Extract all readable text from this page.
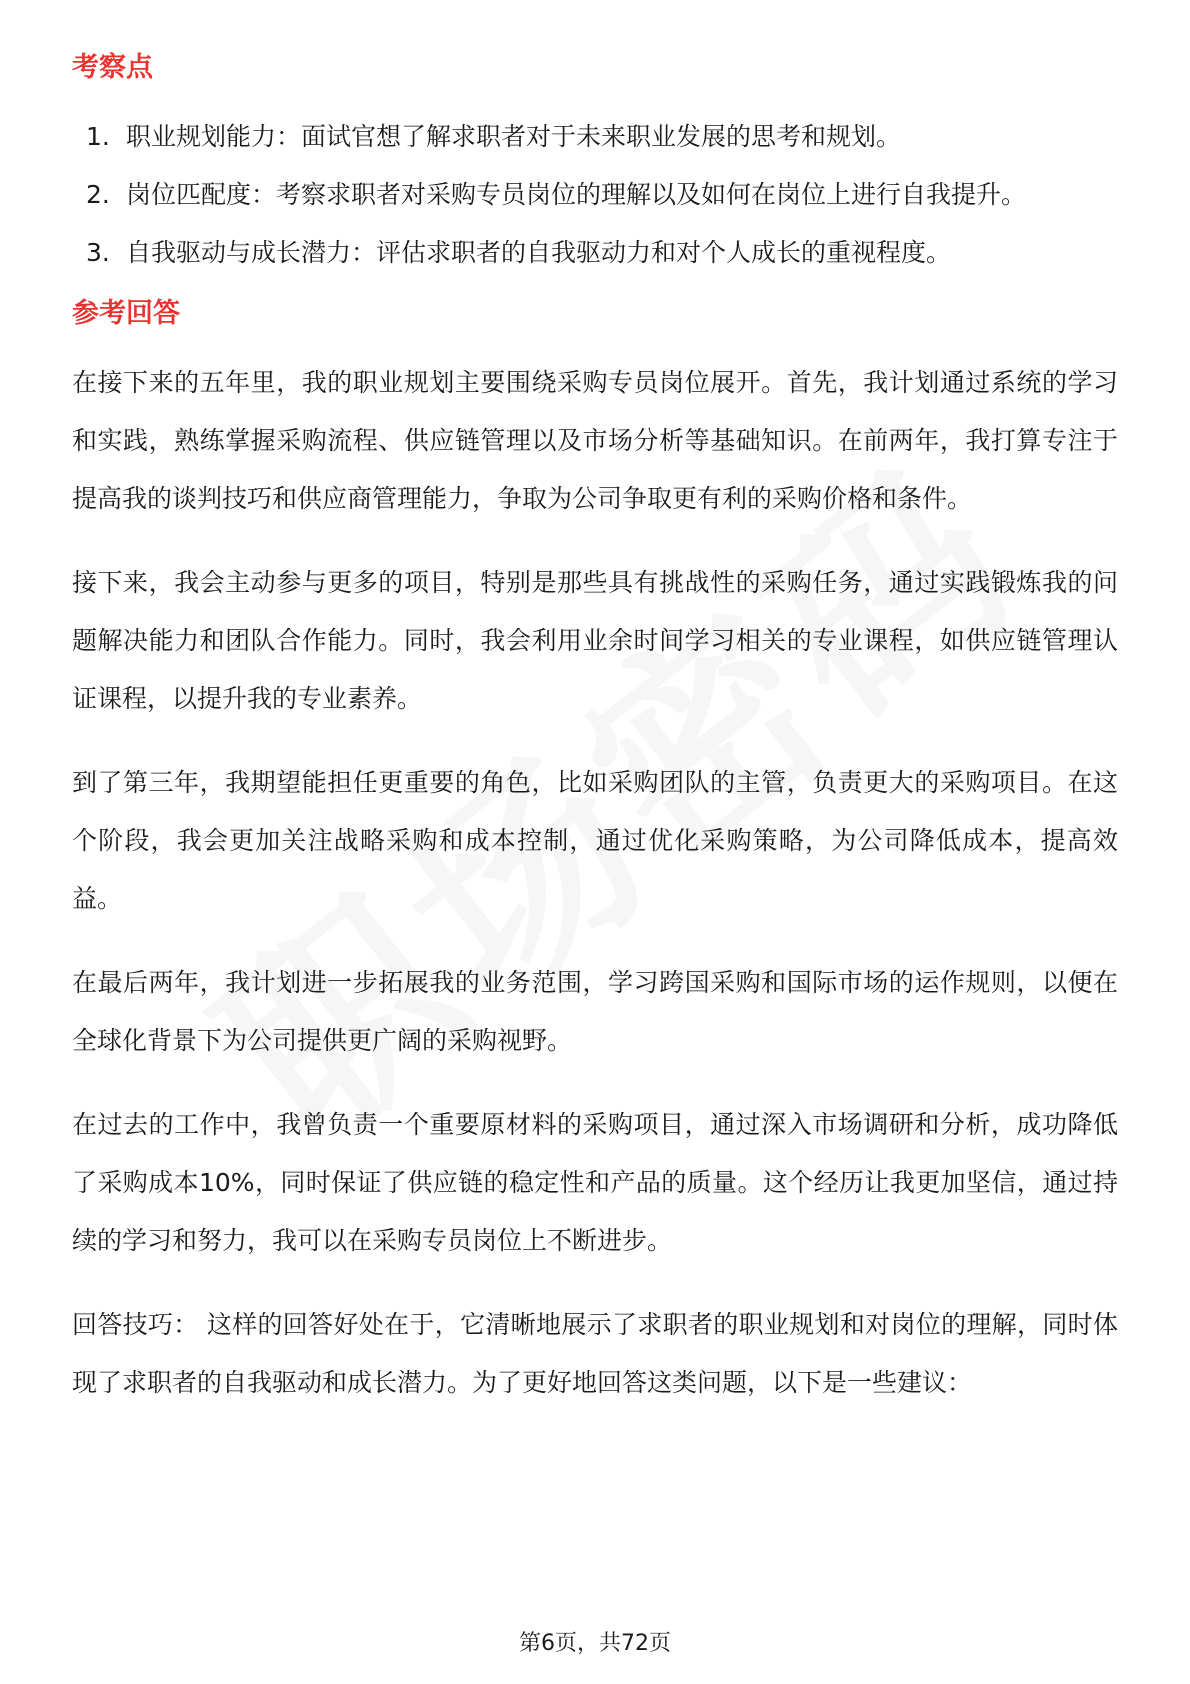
考察点
1. 职业规划能力：面试官想了解求职者对于未来职业发展的思考和规划。
2. 岗位匹配度：考察求职者对采购专员岗位的理解以及如何在岗位上进行自我提升。
3. 自我驱动与成长潜力：评估求职者的自我驱动力和对个人成长的重视程度。
参考回答

在接下来的五年里，我的职业规划主要围绕采购专员岗位展开。首先，我计划通过系统的学习和实践，熟练掌握采购流程、供应链管理以及市场分析等基础知识。在前两年，我打算专注于提高我的谈判技巧和供应商管理能力，争取为公司争取更有利的采购价格和条件。

接下来，我会主动参与更多的项目，特别是那些具有挑战性的采购任务，通过实践锻炼我的问题解决能力和团队合作能力。同时，我会利用业余时间学习相关的专业课程，如供应链管理认证课程，以提升我的专业素养。

到了第三年，我期望能担任更重要的角色，比如采购团队的主管，负责更大的采购项目。在这个阶段，我会更加关注战略采购和成本控制，通过优化采购策略，为公司降低成本，提高效益。

在最后两年，我计划进一步拓展我的业务范围，学习跨国采购和国际市场的运作规则，以便在全球化背景下为公司提供更广阔的采购视野。

在过去的工作中，我曾负责一个重要原材料的采购项目，通过深入市场调研和分析，成功降低了采购成本10%，同时保证了供应链的稳定性和产品的质量。这个经历让我更加坚信，通过持续的学习和努力，我可以在采购专员岗位上不断进步。

回答技巧： 这样的回答好处在于，它清晰地展示了求职者的职业规划和对岗位的理解，同时体现了求职者的自我驱动和成长潜力。为了更好地回答这类问题，以下是一些建议：

第6页，共72页
